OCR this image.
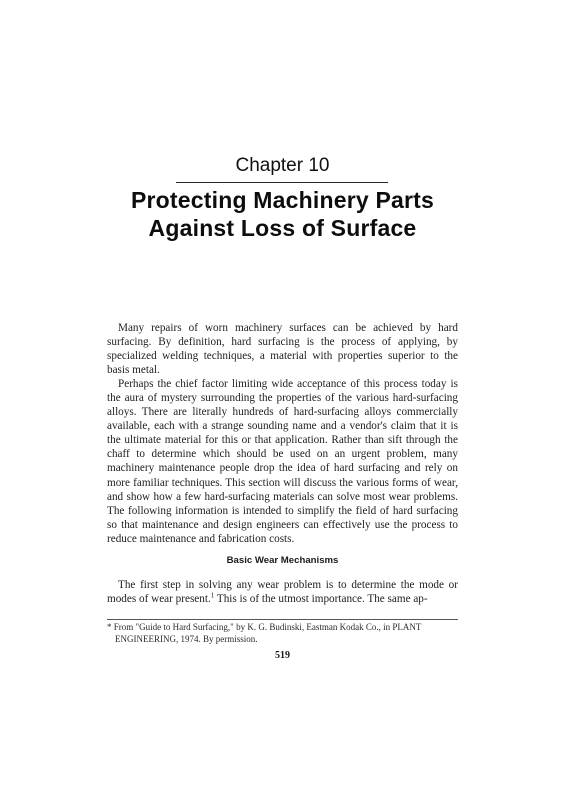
Chapter 10
Protecting Machinery Parts
Against Loss of Surface

Many repairs of worn machinery surfaces can be achieved by hard surfacing. By definition, hard surfacing is the process of applying, by specialized welding techniques, a material with properties superior to the basis metal.

Perhaps the chief factor limiting wide acceptance of this process today is the aura of mystery surrounding the properties of the various hard-surfacing alloys. There are literally hundreds of hard-surfacing alloys commercially available, each with a strange sounding name and a vendor's claim that it is the ultimate material for this or that application. Rather than sift through the chaff to determine which should be used on an urgent problem, many machinery maintenance people drop the idea of hard surfacing and rely on more familiar techniques. This section will discuss the various forms of wear, and show how a few hard-surfacing materials can solve most wear problems. The following information is intended to simplify the field of hard surfacing so that maintenance and design engineers can effectively use the process to reduce maintenance and fabrication costs.

Basic Wear Mechanisms

The first step in solving any wear problem is to determine the mode or modes of wear present.$^1$ This is of the utmost importance. The same ap-

* From "Guide to Hard Surfacing," by K. G. Budinski, Eastman Kodak Co., in PLANT
ENGINEERING, 1974. By permission.
519
